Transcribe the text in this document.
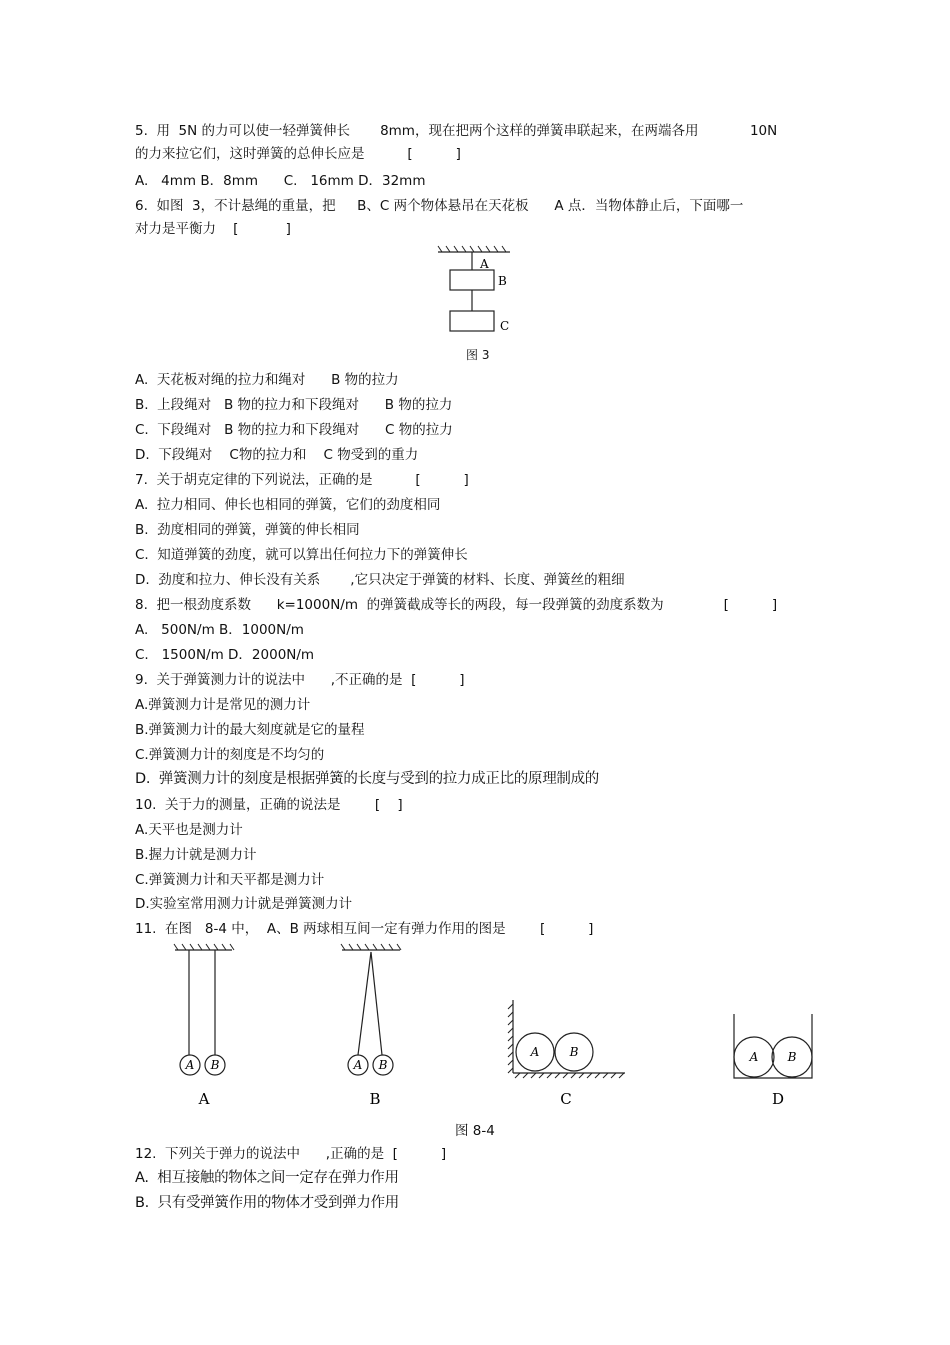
5.  用  5N 的力可以使一轻弹簧伸长       8mm，现在把两个这样的弹簧串联起来，在两端各用            10N
的力来拉它们，这时弹簧的总伸长应是          [          ]
A.   4mm B．8mm      C.   16mm D．32mm
6.  如图  3，不计悬绳的重量，把     B、C 两个物体悬吊在天花板      A 点．当物体静止后，下面哪一
对力是平衡力    [           ]
A
B
C
图 3
A.  天花板对绳的拉力和绳对      B 物的拉力
B.  上段绳对   B 物的拉力和下段绳对      B 物的拉力
C.  下段绳对   B 物的拉力和下段绳对      C 物的拉力
D.  下段绳对    C物的拉力和    C 物受到的重力
7.  关于胡克定律的下列说法，正确的是          [          ]
A.  拉力相同、伸长也相同的弹簧，它们的劲度相同
B.  劲度相同的弹簧，弹簧的伸长相同
C.  知道弹簧的劲度，就可以算出任何拉力下的弹簧伸长
D.  劲度和拉力、伸长没有关系       ,它只决定于弹簧的材料、长度、弹簧丝的粗细
8.  把一根劲度系数      k=1000N/m  的弹簧截成等长的两段，每一段弹簧的劲度系数为              [          ]
A.   500N/m B．1000N/m
C.   1500N/m D．2000N/m
9.  关于弹簧测力计的说法中      ,不正确的是  [          ]
A.弹簧测力计是常见的测力计
B.弹簧测力计的最大刻度就是它的量程
C.弹簧测力计的刻度是不均匀的
D.  弹簧测力计的刻度是根据弹簧的长度与受到的拉力成正比的原理制成的
10.  关于力的测量，正确的说法是        [    ]
A.天平也是测力计
B.握力计就是测力计
C.弹簧测力计和天平都是测力计
D.实验室常用测力计就是弹簧测力计
11.  在图   8-4 中，  A、B 两球相互间一定有弹力作用的图是        [          ]
A B	A B
A	B	A B
A	B	C	D
图 8-4
12.  下列关于弹力的说法中      ,正确的是  [          ]
A.  相互接触的物体之间一定存在弹力作用
B.  只有受弹簧作用的物体才受到弹力作用
